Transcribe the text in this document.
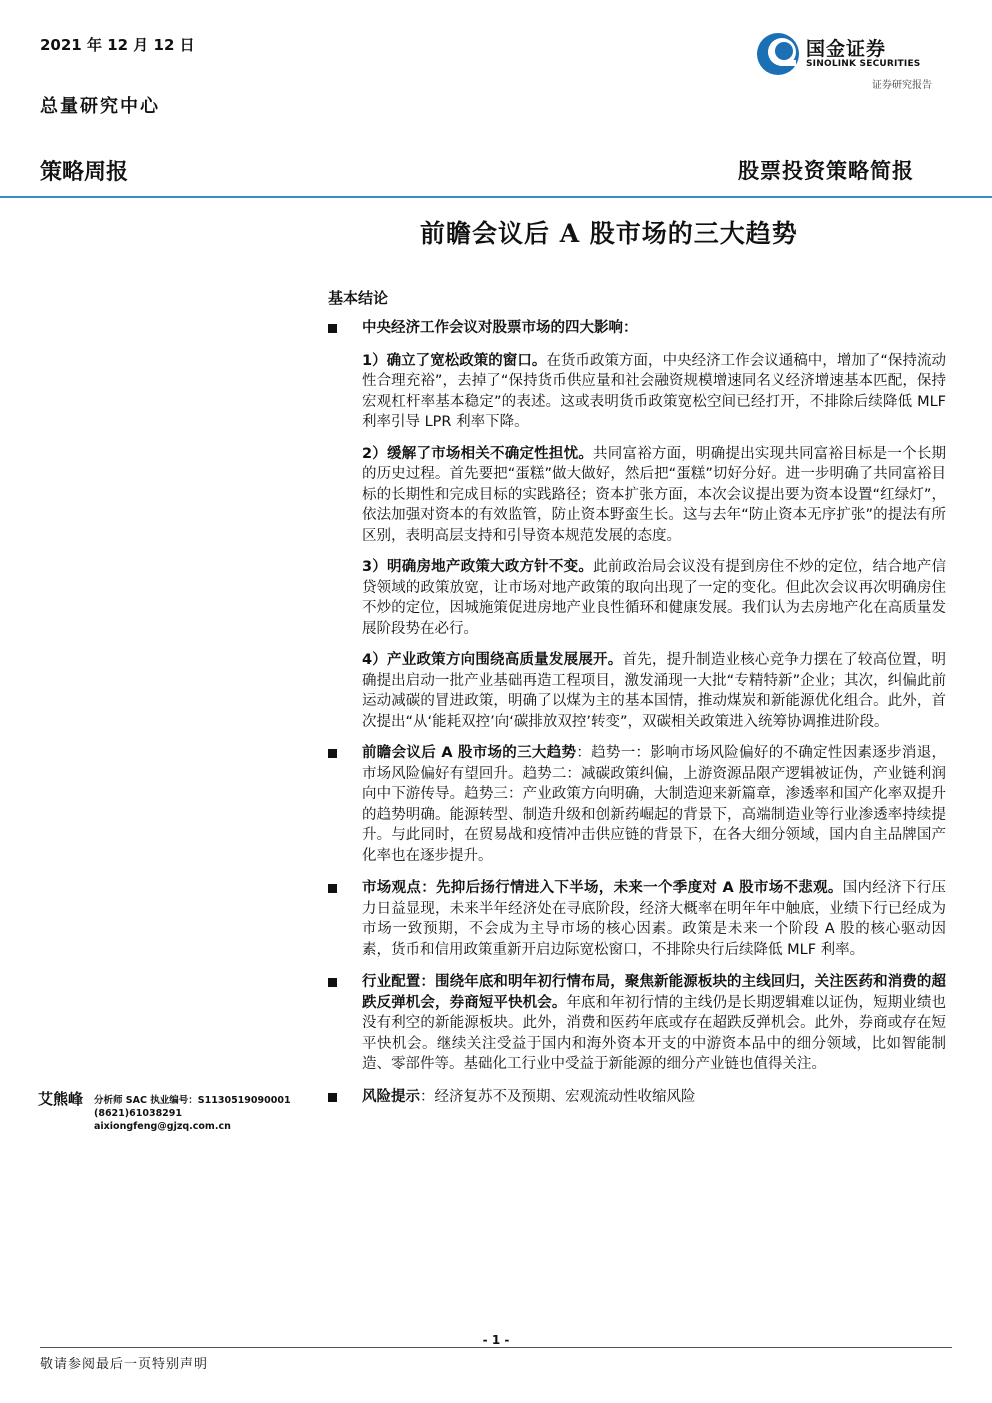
2021 年 12 月 12 日
总量研究中心
国金证券
SINOLINK SECURITIES
证券研究报告
策略周报	股票投资策略简报
前瞻会议后 A 股市场的三大趋势
基本结论
中央经济工作会议对股票市场的四大影响：
1）确立了宽松政策的窗口。在货币政策方面，中央经济工作会议通稿中，增加了“保持流动性合理充裕”，去掉了“保持货币供应量和社会融资规模增速同名义经济增速基本匹配，保持宏观杠杆率基本稳定”的表述。这或表明货币政策宽松空间已经打开，不排除后续降低 MLF 利率引导 LPR 利率下降。
2）缓解了市场相关不确定性担忧。共同富裕方面，明确提出实现共同富裕目标是一个长期的历史过程。首先要把“蛋糕”做大做好，然后把“蛋糕”切好分好。进一步明确了共同富裕目标的长期性和完成目标的实践路径；资本扩张方面，本次会议提出要为资本设置“红绿灯”，依法加强对资本的有效监管，防止资本野蛮生长。这与去年“防止资本无序扩张”的提法有所区别，表明高层支持和引导资本规范发展的态度。
3）明确房地产政策大政方针不变。此前政治局会议没有提到房住不炒的定位，结合地产信贷领域的政策放宽，让市场对地产政策的取向出现了一定的变化。但此次会议再次明确房住不炒的定位，因城施策促进房地产业良性循环和健康发展。我们认为去房地产化在高质量发展阶段势在必行。
4）产业政策方向围绕高质量发展展开。首先，提升制造业核心竞争力摆在了较高位置，明确提出启动一批产业基础再造工程项目，激发涌现一大批“专精特新”企业；其次，纠偏此前运动减碳的冒进政策，明确了以煤为主的基本国情，推动煤炭和新能源优化组合。此外，首次提出“从‘能耗双控’向‘碳排放双控’转变”，双碳相关政策进入统筹协调推进阶段。
前瞻会议后 A 股市场的三大趋势：趋势一：影响市场风险偏好的不确定性因素逐步消退，市场风险偏好有望回升。趋势二：减碳政策纠偏，上游资源品限产逻辑被证伪，产业链利润向中下游传导。趋势三：产业政策方向明确，大制造迎来新篇章，渗透率和国产化率双提升的趋势明确。能源转型、制造升级和创新药崛起的背景下，高端制造业等行业渗透率持续提升。与此同时，在贸易战和疫情冲击供应链的背景下，在各大细分领域，国内自主品牌国产化率也在逐步提升。
市场观点：先抑后扬行情进入下半场，未来一个季度对 A 股市场不悲观。国内经济下行压力日益显现，未来半年经济处在寻底阶段，经济大概率在明年年中触底，业绩下行已经成为市场一致预期，不会成为主导市场的核心因素。政策是未来一个阶段 A 股的核心驱动因素，货币和信用政策重新开启边际宽松窗口，不排除央行后续降低 MLF 利率。
行业配置：围绕年底和明年初行情布局，聚焦新能源板块的主线回归，关注医药和消费的超跌反弹机会，券商短平快机会。年底和年初行情的主线仍是长期逻辑难以证伪，短期业绩也没有利空的新能源板块。此外，消费和医药年底或存在超跌反弹机会。此外，券商或存在短平快机会。继续关注受益于国内和海外资本开支的中游资本品中的细分领域，比如智能制造、零部件等。基础化工行业中受益于新能源的细分产业链也值得关注。
风险提示：经济复苏不及预期、宏观流动性收缩风险
艾熊峰 分析师 SAC 执业编号：S1130519090001
(8621)61038291
aixiongfeng@gjzq.com.cn
- 1 -
敬请参阅最后一页特别声明
